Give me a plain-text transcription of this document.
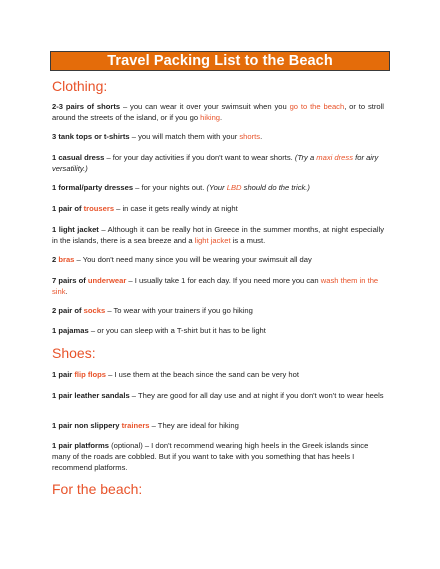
Travel Packing List to the Beach
Clothing:
2-3 pairs of shorts – you can wear it over your swimsuit when you go to the beach, or to stroll around the streets of the island, or if you go hiking.
3 tank tops or t-shirts – you will match them with your shorts.
1 casual dress – for your day activities if you don't want to wear shorts. (Try a maxi dress for airy versatility.)
1 formal/party dresses – for your nights out. (Your LBD should do the trick.)
1 pair of trousers – in case it gets really windy at night
1 light jacket – Although it can be really hot in Greece in the summer months, at night especially in the islands, there is a sea breeze and a light jacket is a must.
2 bras – You don't need many since you will be wearing your swimsuit all day
7 pairs of underwear – I usually take 1 for each day. If you need more you can wash them in the sink.
2 pair of socks – To wear with your trainers if you go hiking
1 pajamas – or you can sleep with a T-shirt but it has to be light
Shoes:
1 pair flip flops – I use them at the beach since the sand can be very hot
1 pair leather sandals – They are good for all day use and at night if you don't won't to wear heels
1 pair non slippery trainers – They are ideal for hiking
1 pair platforms (optional) – I don't recommend wearing high heels in the Greek islands since many of the roads are cobbled. But if you want to take with you something that has heels I recommend platforms.
For the beach:
